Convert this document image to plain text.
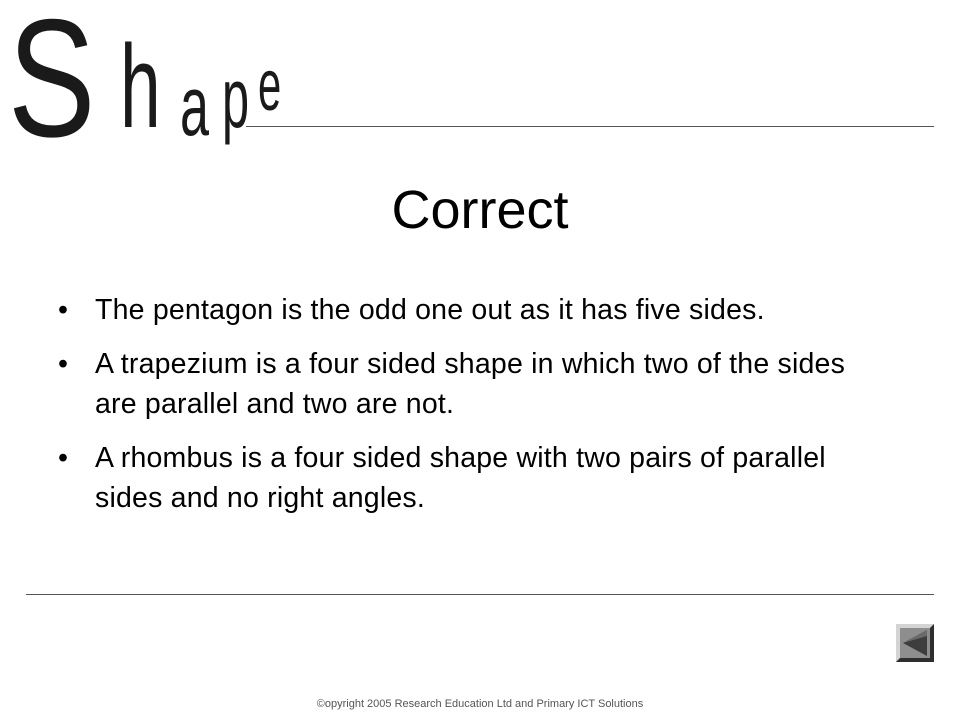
S h a p e
Correct
• The pentagon is the odd one out as it has five sides.
• A trapezium is a four sided shape in which two of the sides are parallel and two are not.
• A rhombus is a four sided shape with two pairs of parallel sides and no right angles.
©opyright 2005 Research Education Ltd and Primary ICT Solutions
